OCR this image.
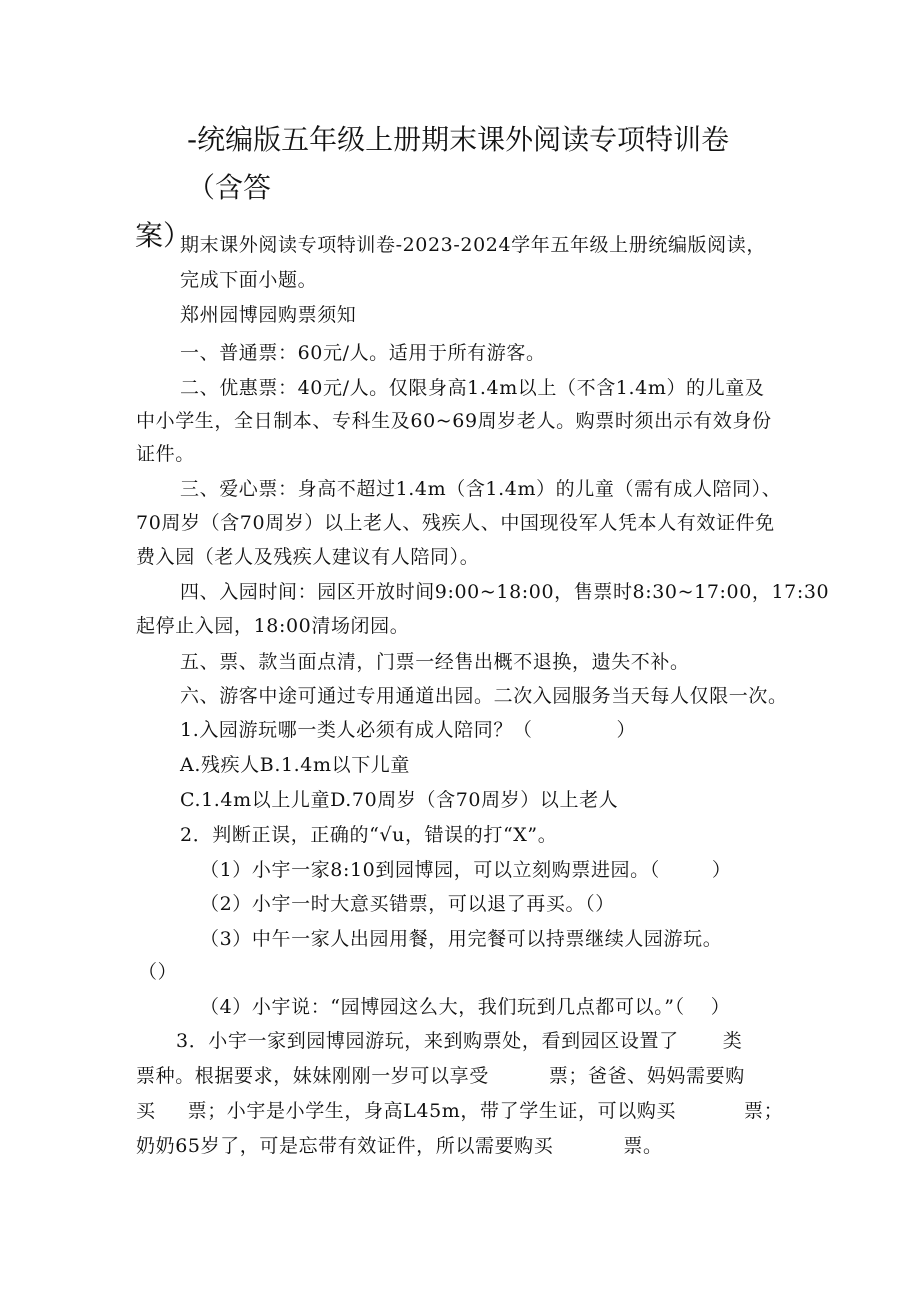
-统编版五年级上册期末课外阅读专项特训卷（含答
案）
期末课外阅读专项特训卷-2023-2024学年五年级上册统编版阅读，
完成下面小题。
郑州园博园购票须知
一、普通票：60元/人。适用于所有游客。
二、优惠票：40元/人。仅限身高1.4m以上（不含1.4m）的儿童及
中小学生，全日制本、专科生及60~69周岁老人。购票时须出示有效身份
证件。
三、爱心票：身高不超过1.4m（含1.4m）的儿童（需有成人陪同）、
70周岁（含70周岁）以上老人、残疾人、中国现役军人凭本人有效证件免
费入园（老人及残疾人建议有人陪同）。
四、入园时间：园区开放时间9:00~18:00，售票时8:30~17:00，17:30
起停止入园，18:00清场闭园。
五、票、款当面点清，门票一经售出概不退换，遗失不补。
六、游客中途可通过专用通道出园。二次入园服务当天每人仅限一次。
1.入园游玩哪一类人必须有成人陪同？（	）
A.残疾人B.1.4m以下儿童
C.1.4m以上儿童D.70周岁（含70周岁）以上老人
2．判断正误，正确的“√u，错误的打“X”。
（1）小宇一家8:10到园博园，可以立刻购票进园。（	）
（2）小宇一时大意买错票，可以退了再买。（）
（3）中午一家人出园用餐，用完餐可以持票继续人园游玩。
（）
（4）小宇说：“园博园这么大，我们玩到几点都可以。”（ ）
3．小宇一家到园博园游玩，来到购票处，看到园区设置了 类
票种。根据要求，妹妹刚刚一岁可以享受	票；爸爸、妈妈需要购
买 票；小宇是小学生，身高L45m，带了学生证，可以购买	票；
奶奶65岁了，可是忘带有效证件，所以需要购买	票。
